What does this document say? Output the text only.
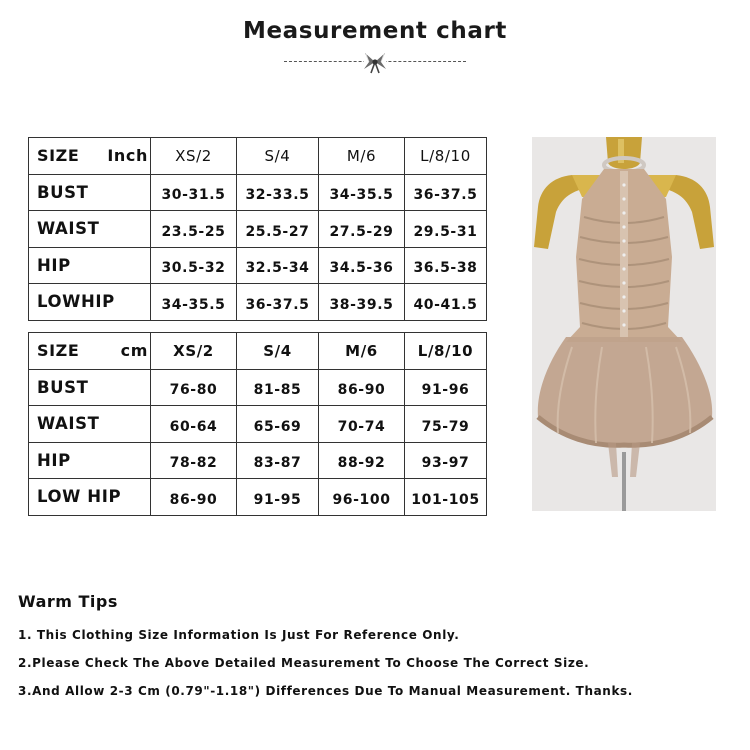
Measurement chart
SIZE Inch	XS/2	S/4	M/6	L/8/10
BUST	30-31.5	32-33.5	34-35.5	36-37.5
WAIST	23.5-25	25.5-27	27.5-29	29.5-31
HIP	30.5-32	32.5-34	34.5-36	36.5-38
LOWHIP	34-35.5	36-37.5	38-39.5	40-41.5
SIZE cm	XS/2	S/4	M/6	L/8/10
BUST	76-80	81-85	86-90	91-96
WAIST	60-64	65-69	70-74	75-79
HIP	78-82	83-87	88-92	93-97
LOW HIP	86-90	91-95	96-100	101-105
Warm Tips

1. This Clothing Size Information Is Just For Reference Only.

2.Please Check The Above Detailed Measurement To Choose The Correct Size.

3.And Allow 2-3 Cm (0.79"-1.18") Differences Due To Manual Measurement. Thanks.
